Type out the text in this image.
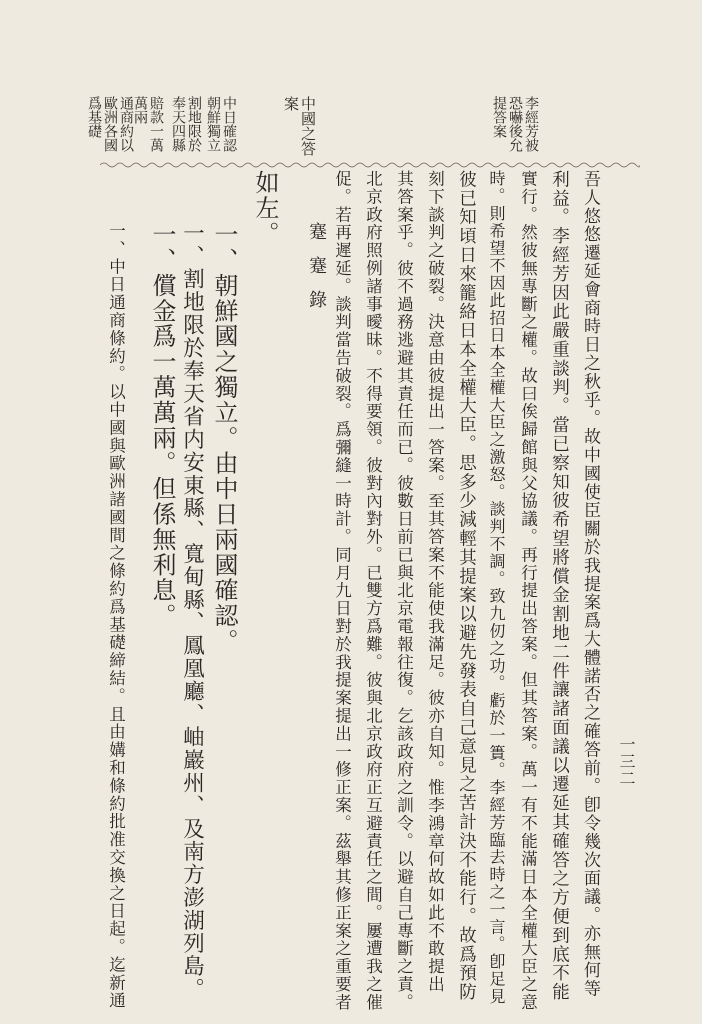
蹇蹇錄
一三二
李經芳被
恐嚇後允
提答案
中國之答
案
中日確認
朝鮮獨立
割地限於
奉天四縣
賠款一萬
萬兩
通商約以
歐洲各國
爲基礎
吾人悠悠遷延會商時日之秋乎。故中國使臣關於我提案爲大體諾否之確答前。卽令幾次面議。亦無何等
利益。李經芳因此嚴重談判。當已察知彼希望將償金割地二件讓諸面議以遷延其確答之方便到底不能
實行。然彼無專斷之權。故曰俟歸館與父協議。再行提出答案。但其答案。萬一有不能滿日本全權大臣之意
時。則希望不因此招日本全權大臣之激怒。談判不調。致九仞之功。虧於一簣。李經芳臨去時之一言。卽足見
彼已知頃日來籠絡日本全權大臣。思多少減輕其提案以避先發表自己意見之苦計決不能行。故爲預防
刻下談判之破裂。決意由彼提出一答案。至其答案不能使我滿足。彼亦自知。惟李鴻章何故如此不敢提出
其答案乎。彼不過務逃避其責任而已。彼數日前已與北京電報往復。乞該政府之訓令。以避自己專斷之責。
北京政府照例諸事曖昧。不得要領。彼對內對外。已雙方爲難。彼與北京政府正互避責任之間。屢遭我之催
促。若再遲延。談判當告破裂。爲彌縫一時計。同月九日對於我提案提出一修正案。茲舉其修正案之重要者
如左。
一、朝鮮國之獨立。由中日兩國確認。
一、割地限於奉天省内安東縣、寬甸縣、鳳凰廳、岫巖州、及南方澎湖列島。
一、償金爲一萬萬兩。但係無利息。
一、中日通商條約。以中國與歐洲諸國間之條約爲基礎締結。且由媾和條約批准交換之日起。迄新通
